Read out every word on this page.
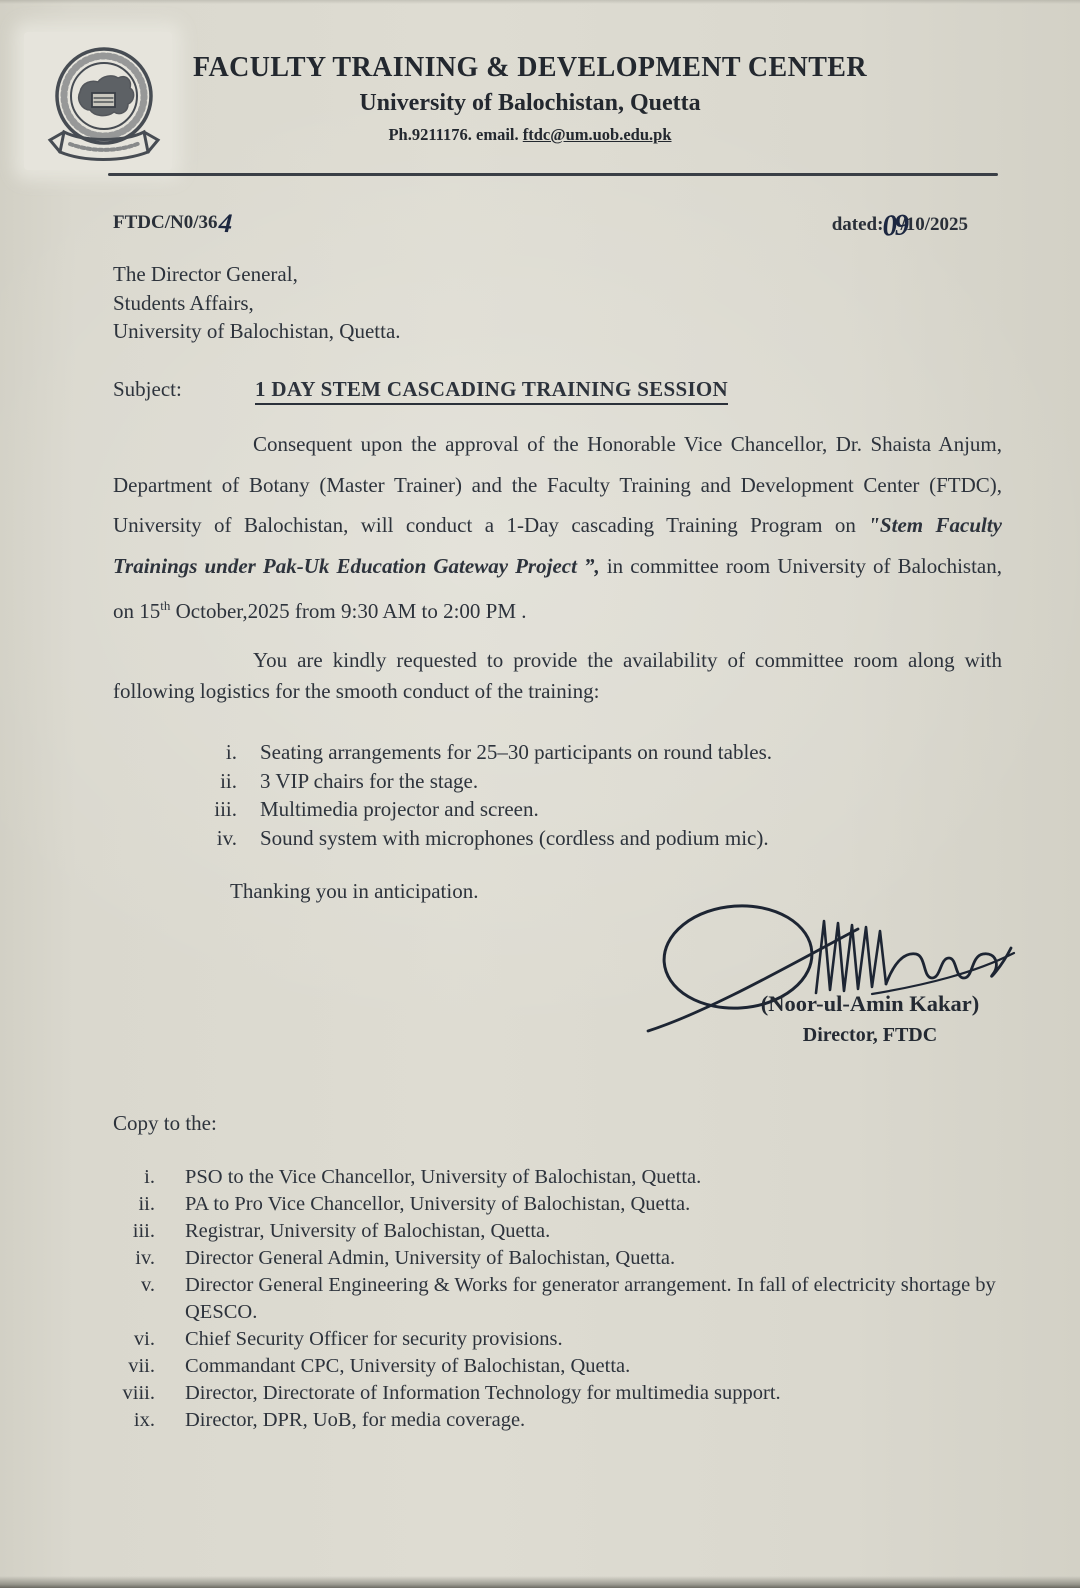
FACULTY TRAINING & DEVELOPMENT CENTER
University of Balochistan, Quetta
Ph.9211176. email. ftdc@um.uob.edu.pk
FTDC/N0/364	dated:09/10/2025
The Director General,
Students Affairs,
University of Balochistan, Quetta.
Subject:	1 DAY STEM CASCADING TRAINING SESSION
Consequent upon the approval of the Honorable Vice Chancellor, Dr. Shaista Anjum, Department of Botany (Master Trainer) and the Faculty Training and Development Center (FTDC), University of Balochistan, will conduct a 1-Day cascading Training Program on "Stem Faculty Trainings under Pak-Uk Education Gateway Project ”, in committee room University of Balochistan, on 15th October,2025 from 9:30 AM to 2:00 PM .
You are kindly requested to provide the availability of committee room along with following logistics for the smooth conduct of the training:
i. Seating arrangements for 25–30 participants on round tables.
ii. 3 VIP chairs for the stage.
iii. Multimedia projector and screen.
iv. Sound system with microphones (cordless and podium mic).
Thanking you in anticipation.
(Noor-ul-Amin Kakar)
Director, FTDC
Copy to the:
i. PSO to the Vice Chancellor, University of Balochistan, Quetta.
ii. PA to Pro Vice Chancellor, University of Balochistan, Quetta.
iii. Registrar, University of Balochistan, Quetta.
iv. Director General Admin, University of Balochistan, Quetta.
v. Director General Engineering & Works for generator arrangement. In fall of electricity shortage by QESCO.
vi. Chief Security Officer for security provisions.
vii. Commandant CPC, University of Balochistan, Quetta.
viii. Director, Directorate of Information Technology for multimedia support.
ix. Director, DPR, UoB, for media coverage.
